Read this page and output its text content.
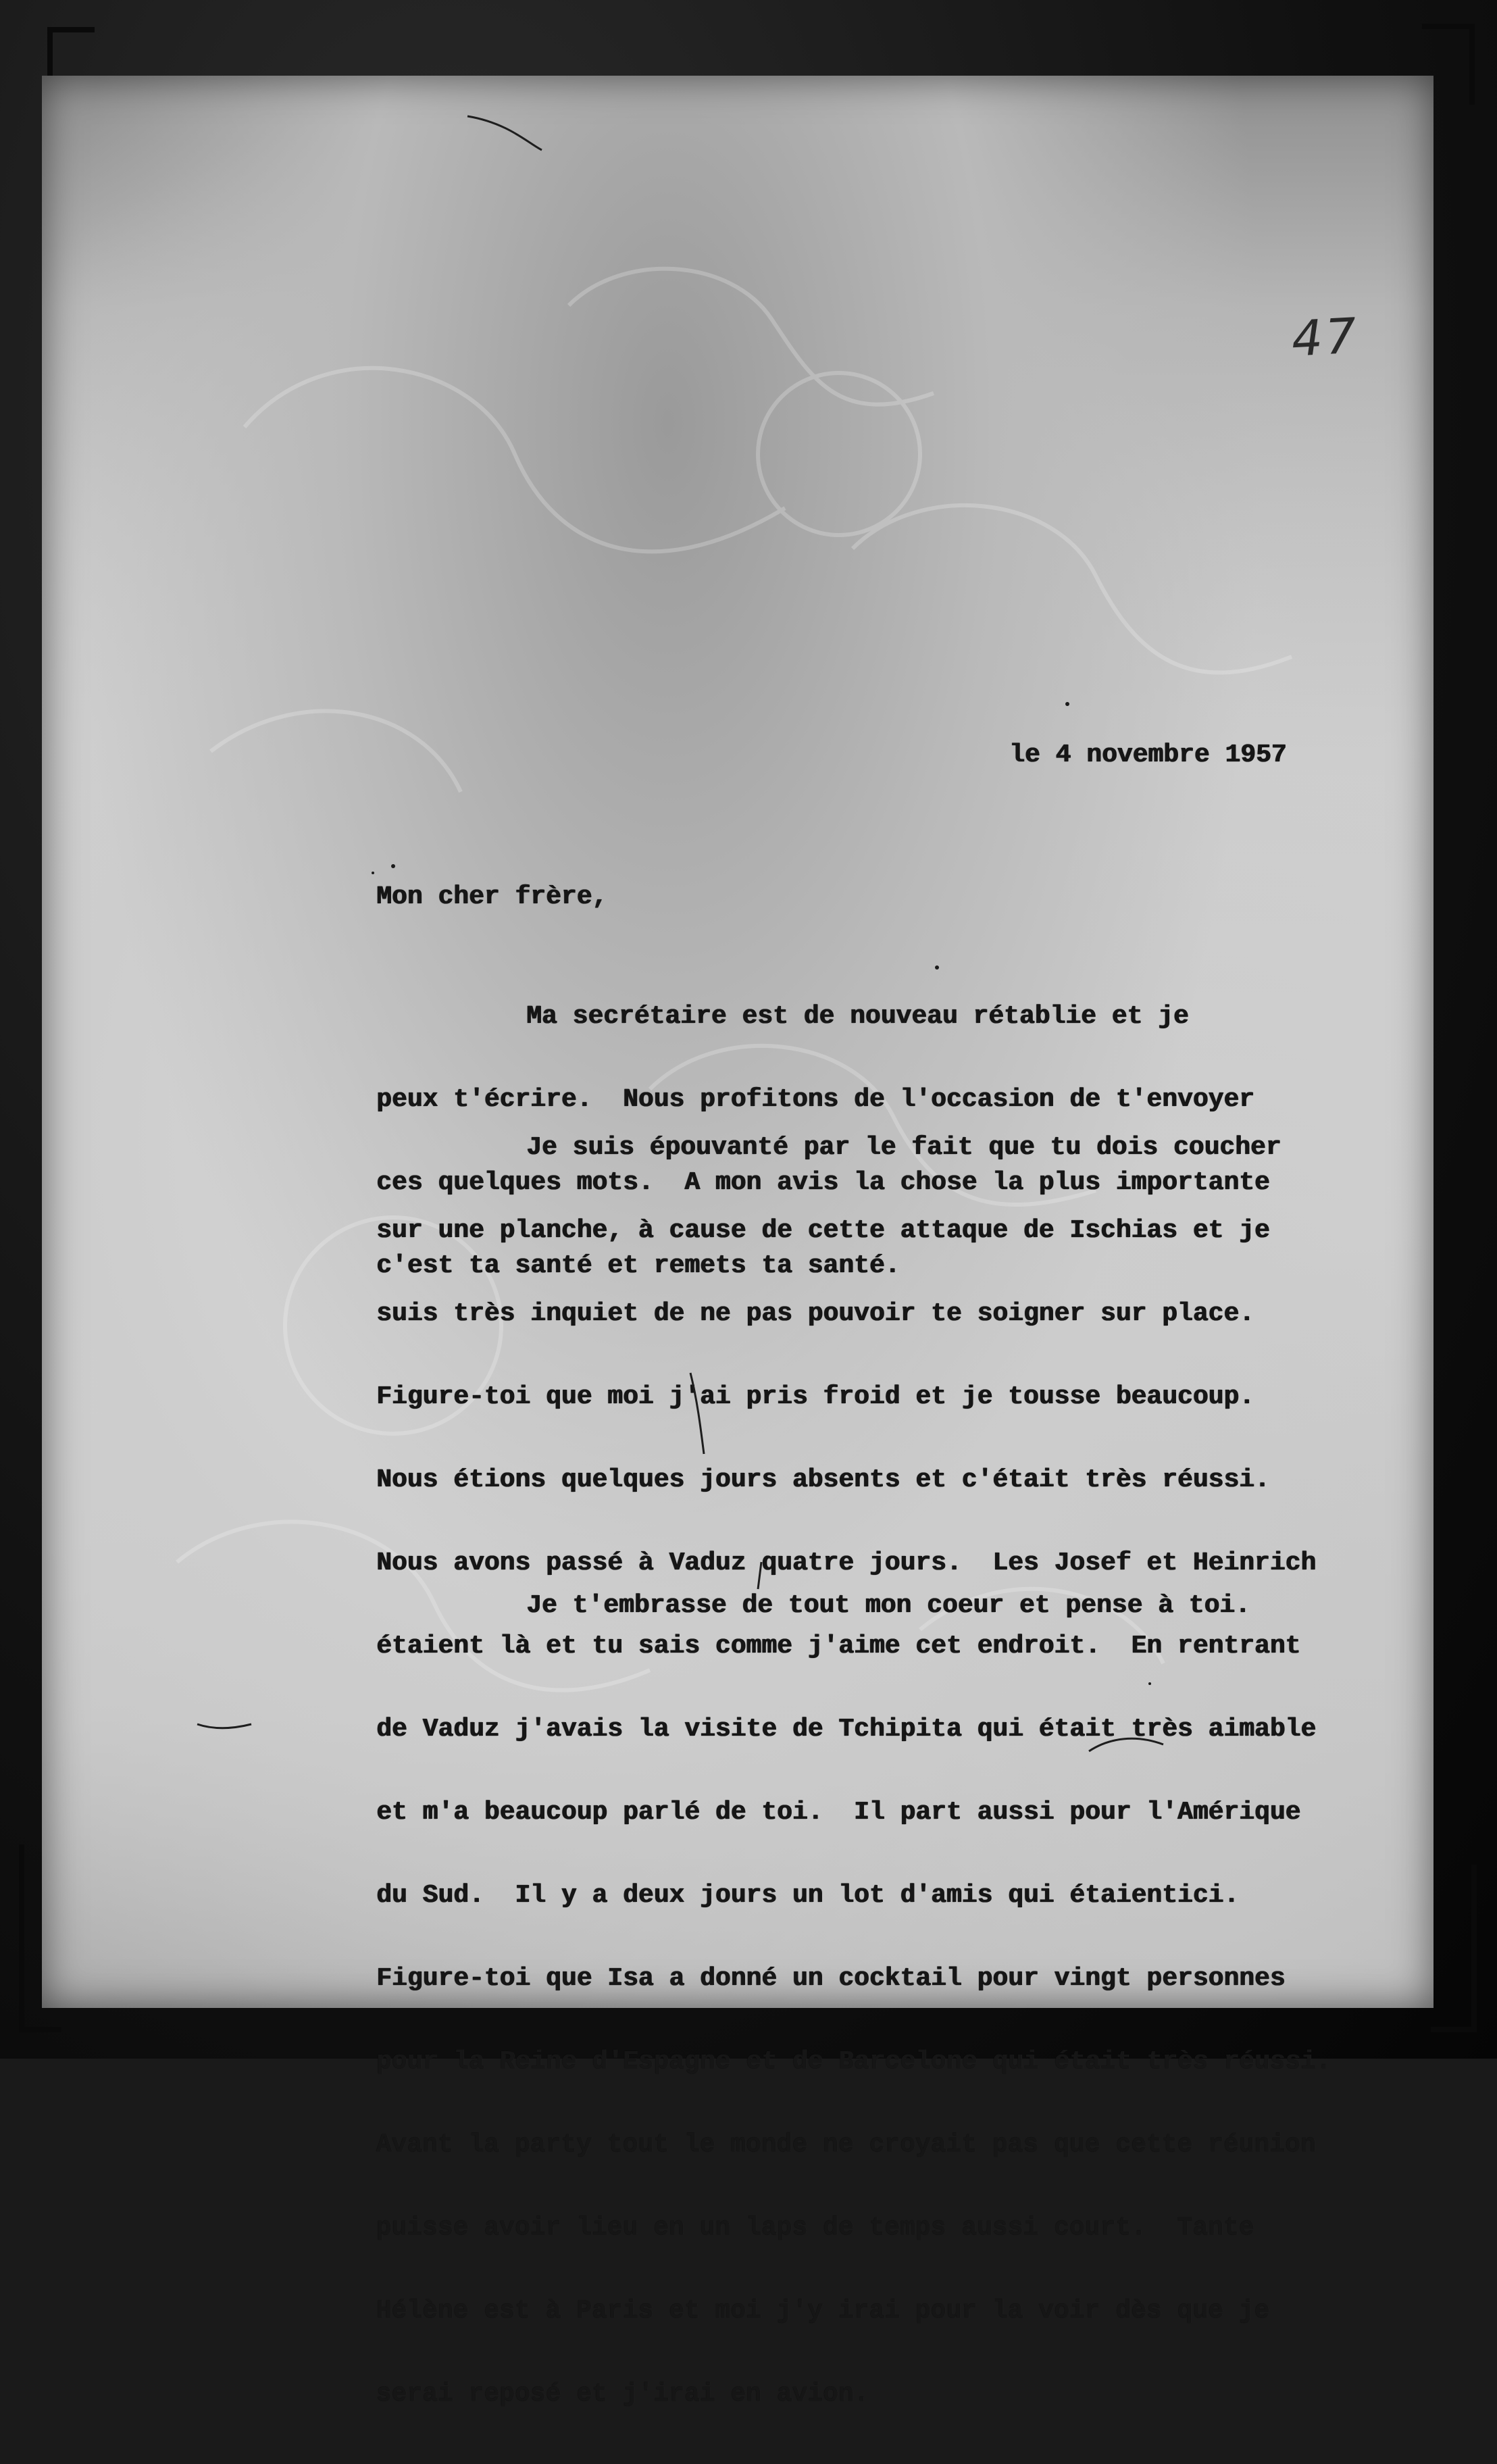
47

le 4 novembre 1957

Mon cher frère,

Ma secrétaire est de nouveau rétablie et je

peux t'écrire.  Nous profitons de l'occasion de t'envoyer

ces quelques mots.  A mon avis la chose la plus importante

c'est ta santé et remets ta santé.

Je suis épouvanté par le fait que tu dois coucher

sur une planche, à cause de cette attaque de Ischias et je

suis très inquiet de ne pas pouvoir te soigner sur place.

Figure-toi que moi j'ai pris froid et je tousse beaucoup.

Nous étions quelques jours absents et c'était très réussi.

Nous avons passé à Vaduz quatre jours.  Les Josef et Heinrich

étaient là et tu sais comme j'aime cet endroit.  En rentrant

de Vaduz j'avais la visite de Tchipita qui était très aimable

et m'a beaucoup parlé de toi.  Il part aussi pour l'Amérique

du Sud.  Il y a deux jours un lot d'amis qui étaientici.

Figure-toi que Isa a donné un cocktail pour vingt personnes

pour la Reine d'Espagne et de Barcelone qui était très réussi.

Avant la party tout le monde ne croyait pas que cette réunion

puisse avoir lieu en un laps de temps aussi court.  Tante

Hélène est à Paris et moi j'y irai pour la voir dès que je

serai reposé et j'irai en avion.

Je t'embrasse de tout mon coeur et pense à toi.
